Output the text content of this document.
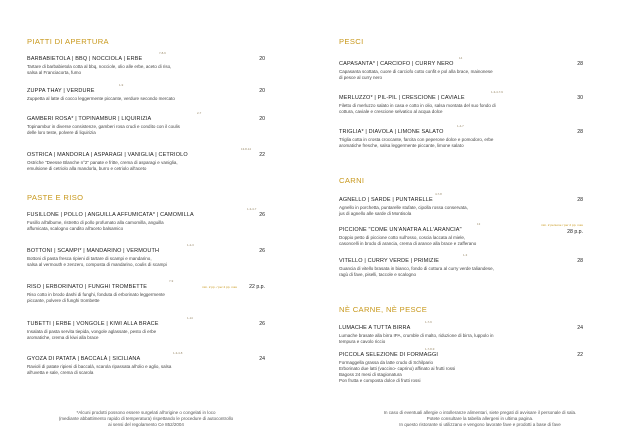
PIATTI DI APERTURA
BARBABIETOLA | BBQ | NOCCIOLA | ERBE
7-8-9
20
Tartare di barbabietola cotta al bbq, nocciole, olio alle erbe, aceto di riso,
salsa al Franciacorta, fumo
ZUPPA THAY | VERDURE
1-9
20
Zuppetta al latte di cocco leggermente piccante, verdure secondo mercato
GAMBERI ROSA* | TOPINAMBUR | LIQUIRIZIA
2-7
20
Topinambur in diverse consistenze, gamberi rosa crudi e condito con il coulis
delle loro teste, polvere di liquirizia
OSTRICA | MANDORLA | ASPARAGI | VANIGLIA | CETRIOLO
13-8-14
22
Ostriche "Deesse Blanche n°2" panate e fritte, crema di asparagi e vaniglia,
emulsione di cetriolo alla mandorla, burro e cetriolo all'aceto
PASTE E RISO
FUSILLONE | POLLO | ANGUILLA AFFUMICATA* | CAMOMILLA
1-3-4-7
26
Fusillo all'albume, ristretto di pollo profumato alla camomilla, anguilla
affumicata, scalogno candito all'aceto balsamico
BOTTONI | SCAMPI* | MANDARINO | VERMOUTH
1-2-3
26
Bottoni di pasta fresca ripieni di tartare di scampi e mandarino,
salsa al vermouth e zenzero, composta di mandarino, coulis di scampi
RISO | ERBORINATO | FUNGHI TROMBETTE
7-9
min. 2 pp. / per 2 pp. max 22 p.p.
Riso cotto in brodo dashi di funghi, fonduta di erborinato leggermente
piccante, polvere di funghi trombette
TUBETTI | ERBE | VONGOLE | KIWI ALLA BRACE
1-14
26
Insalata di pasta servita tiepida, vongole aglassate, pesto di erbe
aromatiche, crema di kiwi alla brace
GYOZA DI PATATA | BACCALÀ | SICILIANA
1-3-4-8
24
Ravioli di patate ripieni di baccalà, scarola ripassata all'olio e aglio, salsa
all'uvetta e sale, crema di scarola
*Alcuni prodotti possono essere surgelati all'origine o congelati in loco
(mediante abbattimento rapido di temperatura) rispettando le procedure di autocontrollo
ai sensi del regolamento Ce 852/2004
PESCI
CAPASANTA* | CARCIOFO | CURRY NERO
14
28
Capasanta scottata, cuore di carciofo cotto confit e pol alla brace, mainonese
di pesce al curry nero
MERLUZZO* | PIL-PIL | CRESCIONE | CAVIALE
1-3-4-7-9
30
Filetto di merluzzo salato in casa e cotto in olio, salsa montata del suo fondo di
cottura, caviale e crescione selvatico al acqua dolce
TRIGLIA* | DIAVOLA | LIMONE SALATO
1-4-7
28
Triglia cotta in crosta croccante, farcita con peperone dolce e pomodoro, erbe
aromatiche fresche, salsa leggermente piccante, limone salato
CARNI
AGNELLO | SARDE | PUNTARELLE
4-7-8
28
Agnello in porchetta, puntarelle stufate, cipolla rossa conservata,
jus di agnello alle sarde di Montisola
PICCIONE "COME UN'ANATRA ALL'ARANCIA"
13	min. 2 persone / per 2 pp. max
28 p.p.
Doppio petto di piccione cotto sull'osso, coscia laccata al miele,
casoncelli in brodo di arancia, crema di arance alla brace e zafferano
VITELLO | CURRY VERDE | PRIMIZIE
1-3
28
Guancia di vitello brasata in bianco, fondo di cottura al curry verde taliandese,
ragù di fave, piselli, taccole e scalogno
NÈ CARNE, NÈ PESCE
LUMACHE A TUTTA BIRRA
1-7-9
24
Lumache brasate alla birra IPA, crumble di malto, riduzione di birra, luppolo in
tempura e cavolo riccio
PICCOLA SELEZIONE DI FORMAGGI
1-7-8-9
22
Formaggella grassa da latte crudo di Schilpario
Erborinato due latti (vaccino- caprino) affinato ai frutti rossi
Bagoss 24 mesi di stagionatura
Pon frutta e composta dolce di frutti rossi
In caso di eventuali allergie o intolleranze alimentari, siete pregati di avvisare il personale di sala.
Potete consultare la tabella allergeni in ultima pagina.
In questo ristorante si utilizzano e vengono lavorate fave e prodotti a base di fave
